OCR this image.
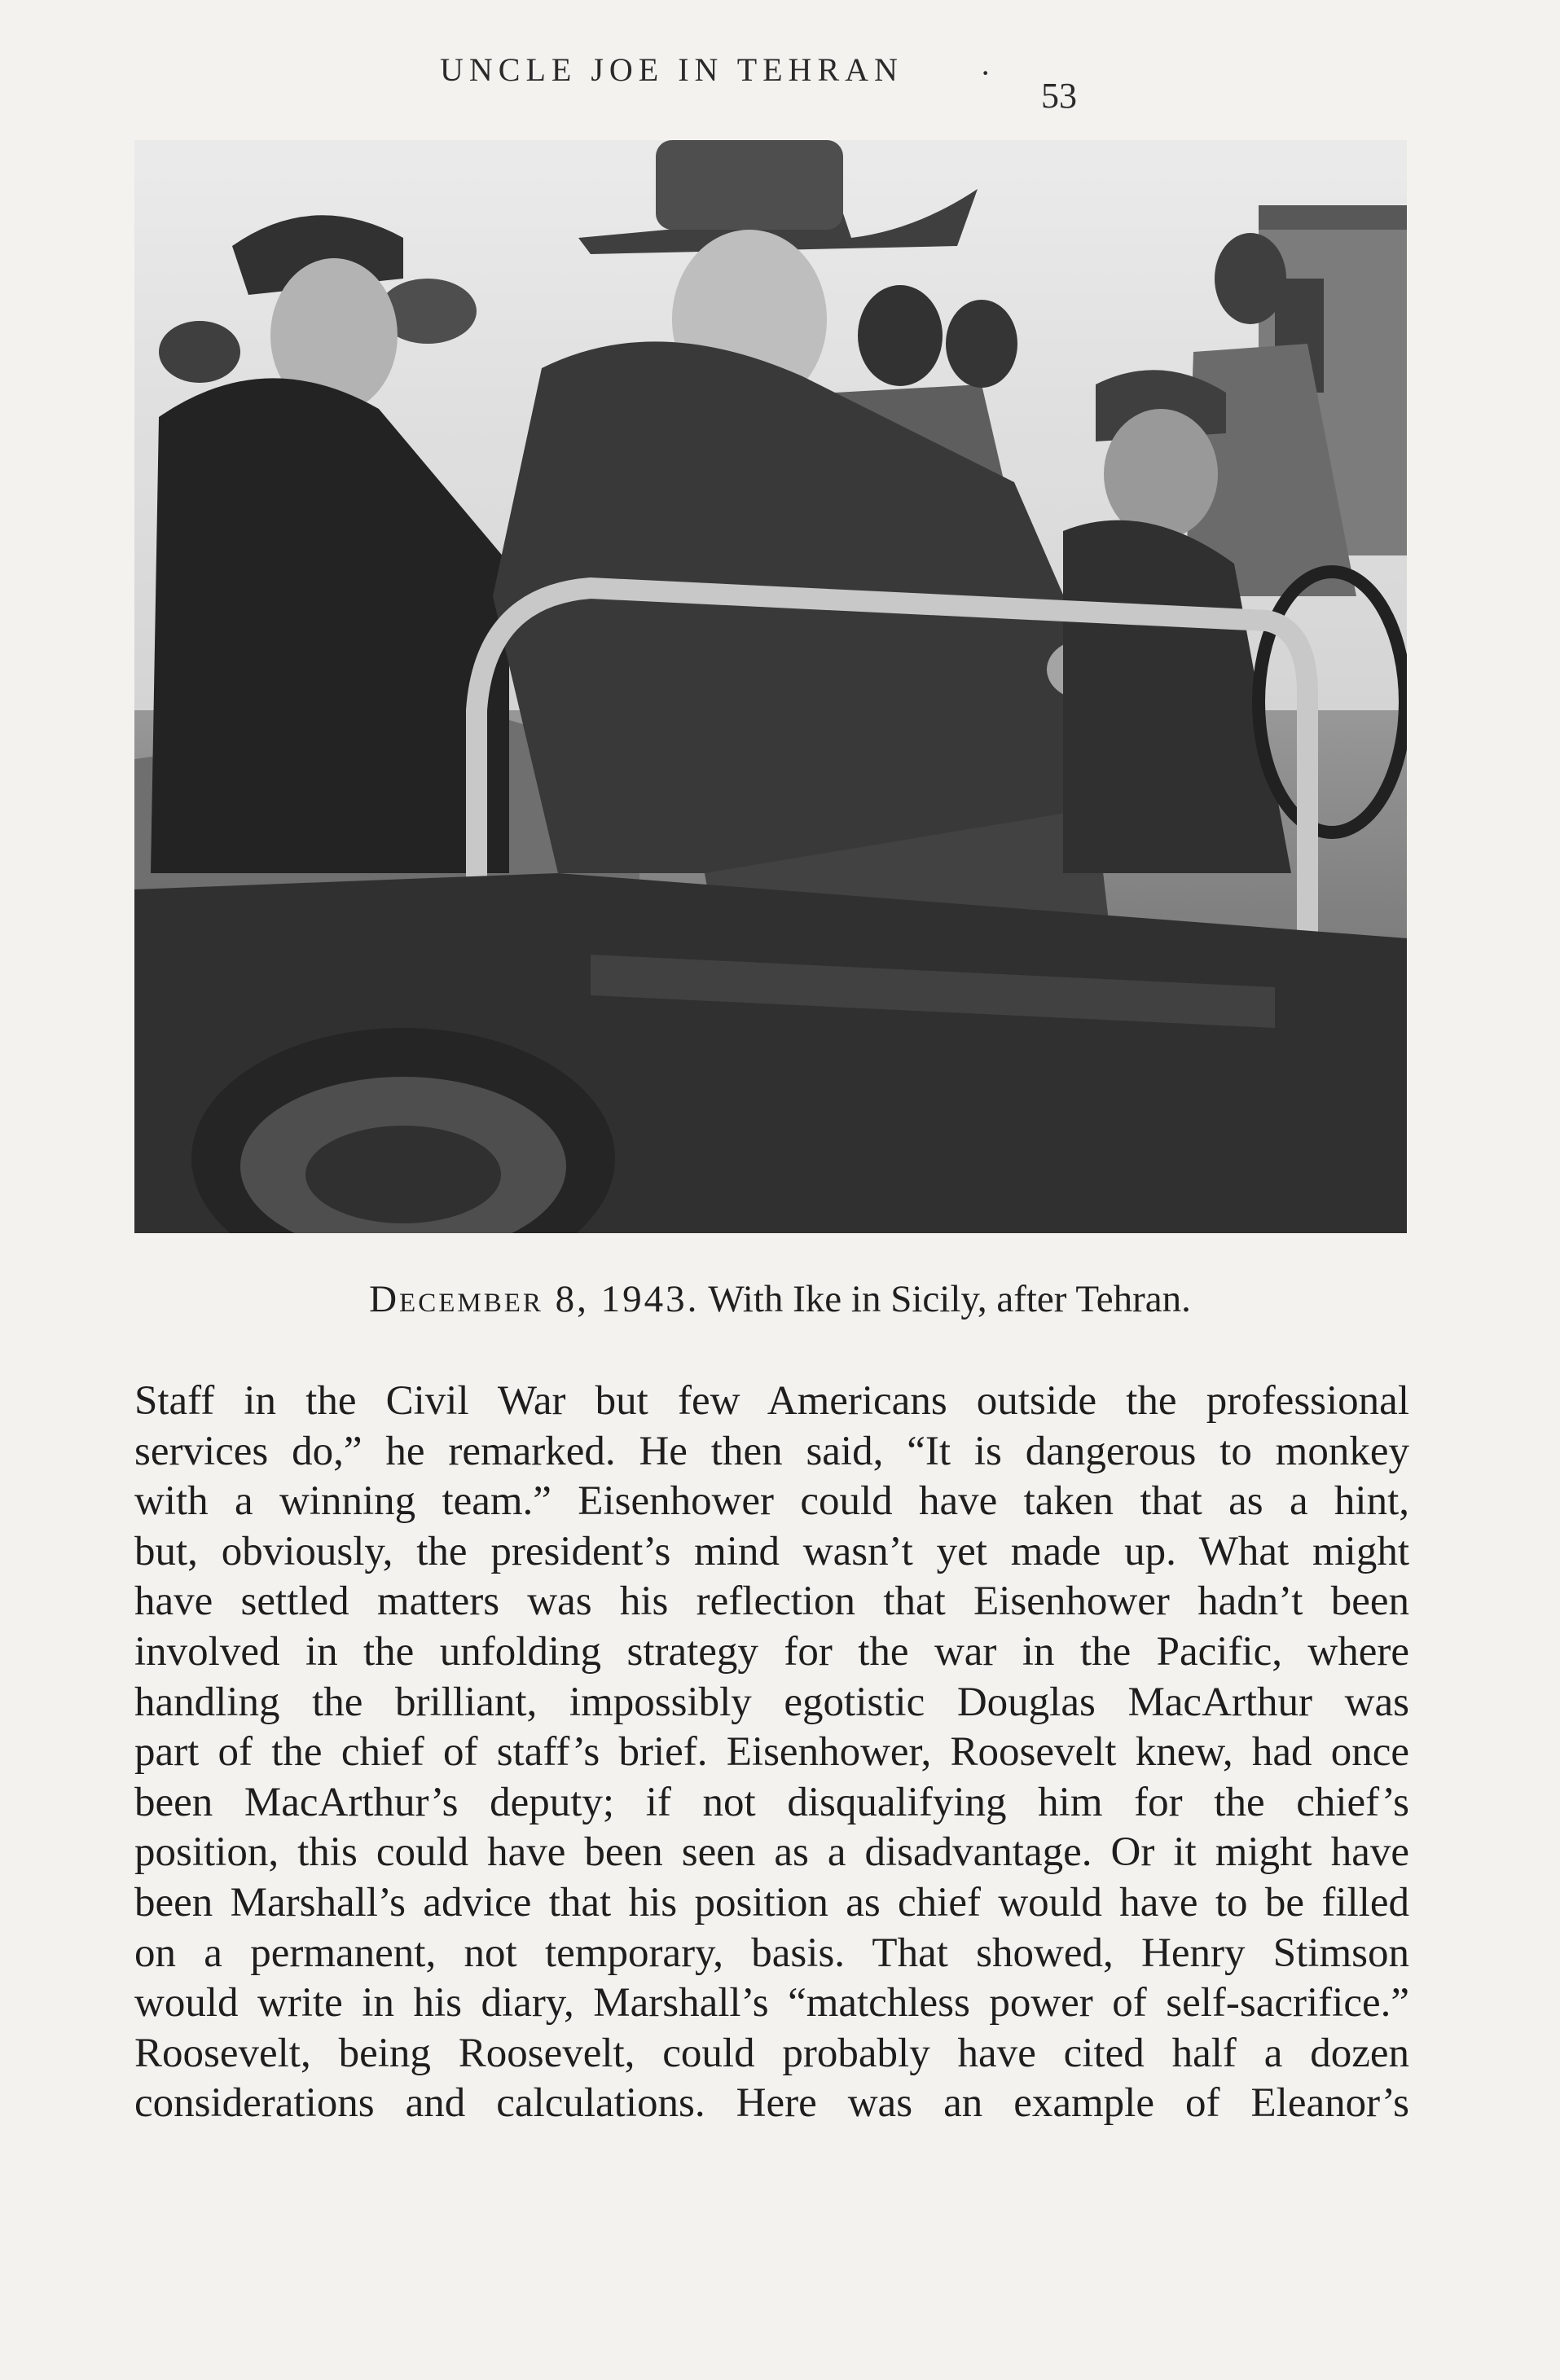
UNCLE JOE IN TEHRAN ·
53
December 8, 1943. With Ike in Sicily, after Tehran.
Staff in the Civil War but few Americans outside the professional
services do,” he remarked. He then said, “It is dangerous to monkey
with a winning team.” Eisenhower could have taken that as a hint,
but, obviously, the president’s mind wasn’t yet made up. What might
have settled matters was his reflection that Eisenhower hadn’t been
involved in the unfolding strategy for the war in the Pacific, where
handling the brilliant, impossibly egotistic Douglas MacArthur was
part of the chief of staff’s brief. Eisenhower, Roosevelt knew, had once
been MacArthur’s deputy; if not disqualifying him for the chief’s
position, this could have been seen as a disadvantage. Or it might have
been Marshall’s advice that his position as chief would have to be filled
on a permanent, not temporary, basis. That showed, Henry Stimson
would write in his diary, Marshall’s “matchless power of self-sacrifice.”
Roosevelt, being Roosevelt, could probably have cited half a dozen
considerations and calculations. Here was an example of Eleanor’s
